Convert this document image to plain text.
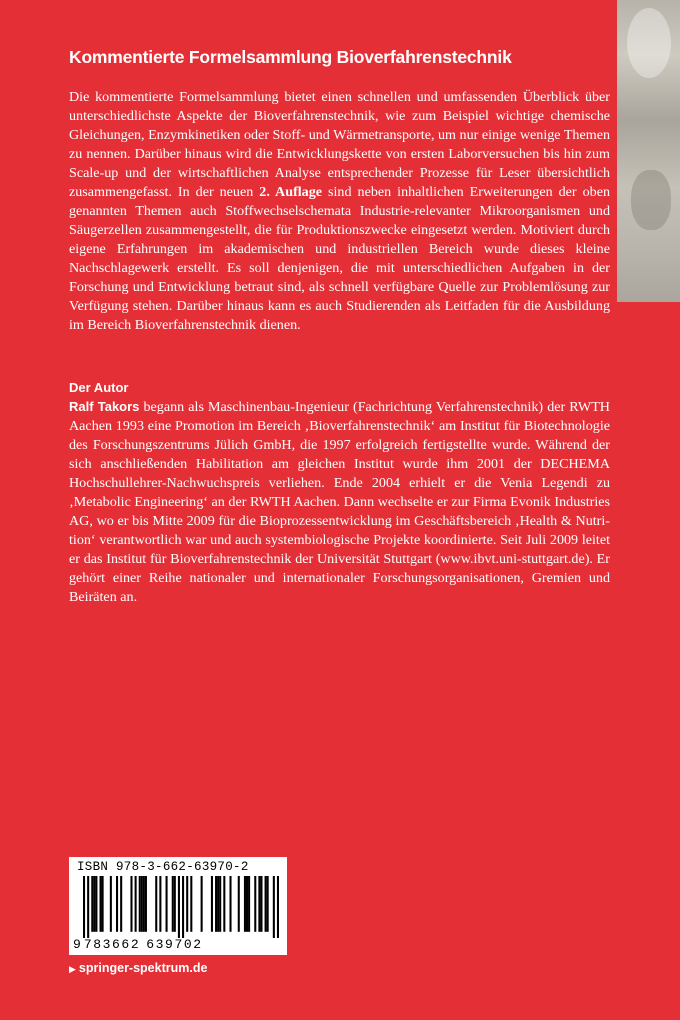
Kommentierte Formelsammlung Bioverfahrenstechnik
Die kommentierte Formelsammlung bietet einen schnellen und umfassenden Überblick über unterschiedlichste Aspekte der Bioverfahrenstechnik, wie zum Beispiel wichtige chemische Gleichungen, Enzymkinetiken oder Stoff- und Wärmetransporte, um nur einige wenige Themen zu nennen. Darüber hinaus wird die Entwicklungskette von ersten Laborversuchen bis hin zum Scale-up und der wirtschaftlichen Analyse entsprechender Prozesse für Leser übersichtlich zusammengefasst. In der neuen 2. Auflage sind neben inhaltlichen Erweiterungen der oben genannten Themen auch Stoffwechselschemata Industrie-relevanter Mikroorganismen und Säugerzellen zusammengestellt, die für Produktionszwecke eingesetzt werden. Motiviert durch eigene Erfahrungen im akademischen und industriellen Bereich wurde dieses kleine Nachschlagewerk erstellt. Es soll denjenigen, die mit unterschiedlichen Aufgaben in der Forschung und Entwicklung betraut sind, als schnell verfügbare Quelle zur Problemlösung zur Verfügung stehen. Darüber hinaus kann es auch Studierenden als Leitfaden für die Ausbildung im Bereich Bioverfahrenstechnik dienen.
Der Autor
Ralf Takors begann als Maschinenbau-Ingenieur (Fachrichtung Verfahrenstechnik) der RWTH Aachen 1993 eine Promotion im Bereich ‚Bioverfahrenstechnik‘ am Institut für Biotechnologie des Forschungszentrums Jülich GmbH, die 1997 erfolgreich fertigstellte wurde. Während der sich anschließenden Habilitation am gleichen Institut wurde ihm 2001 der DECHEMA Hochschullehrer-Nachwuchspreis verliehen. Ende 2004 erhielt er die Venia Legendi zu ‚Metabolic Engineering‘ an der RWTH Aachen. Dann wechselte er zur Firma Evonik Industries AG, wo er bis Mitte 2009 für die Bioprozessentwicklung im Geschäftsbereich ‚Health & Nutrition‘ verantwortlich war und auch systembiologische Projekte koordinierte. Seit Juli 2009 leitet er das Institut für Bioverfahrenstechnik der Universität Stuttgart (www.ibvt.uni-stuttgart.de). Er gehört einer Reihe nationaler und internationaler Forschungsorganisationen, Gremien und Beiräten an.
ISBN 978-3-662-63970-2
9 783662 639702
▶ springer-spektrum.de
